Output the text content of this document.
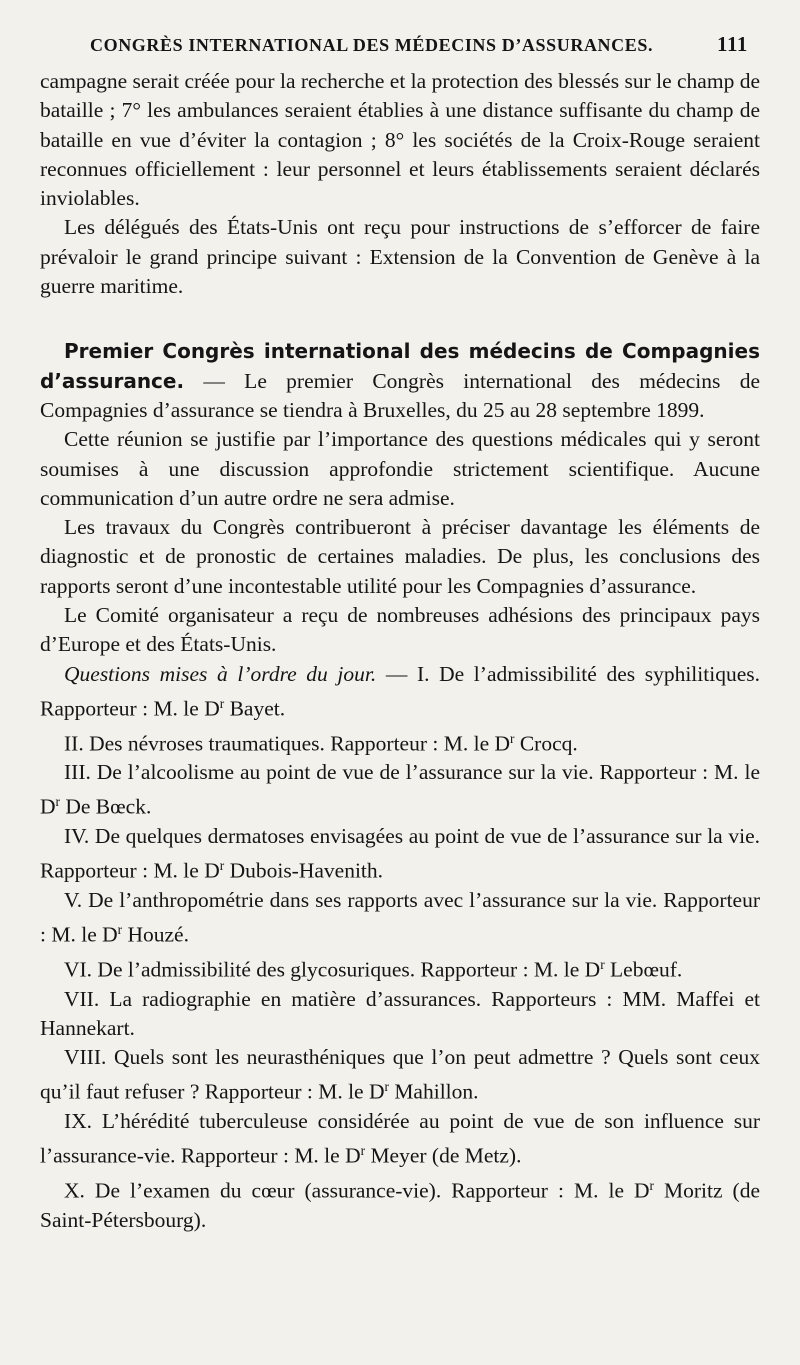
CONGRÈS INTERNATIONAL DES MÉDECINS D’ASSURANCES.	111

campagne serait créée pour la recherche et la protection des blessés sur le champ de bataille ; 7° les ambulances seraient établies à une distance suffisante du champ de bataille en vue d’éviter la contagion ; 8° les sociétés de la Croix-Rouge seraient reconnues officiellement : leur personnel et leurs établissements seraient déclarés inviolables.

Les délégués des États-Unis ont reçu pour instructions de s’efforcer de faire prévaloir le grand principe suivant : Extension de la Convention de Genève à la guerre maritime.

Premier Congrès international des médecins de Compagnies d’assurance. — Le premier Congrès international des médecins de Compagnies d’assurance se tiendra à Bruxelles, du 25 au 28 septembre 1899.

Cette réunion se justifie par l’importance des questions médicales qui y seront soumises à une discussion approfondie strictement scientifique. Aucune communication d’un autre ordre ne sera admise.

Les travaux du Congrès contribueront à préciser davantage les éléments de diagnostic et de pronostic de certaines maladies. De plus, les conclusions des rapports seront d’une incontestable utilité pour les Compagnies d’assurance.

Le Comité organisateur a reçu de nombreuses adhésions des principaux pays d’Europe et des États-Unis.

Questions mises à l’ordre du jour. — I. De l’admissibilité des syphilitiques. Rapporteur : M. le $D^r$ Bayet.

II. Des névroses traumatiques. Rapporteur : M. le $D^r$ Crocq.

III. De l’alcoolisme au point de vue de l’assurance sur la vie. Rapporteur : M. le $D^r$ De Bœck.

IV. De quelques dermatoses envisagées au point de vue de l’assurance sur la vie. Rapporteur : M. le $D^r$ Dubois-Havenith.

V. De l’anthropométrie dans ses rapports avec l’assurance sur la vie. Rapporteur : M. le $D^r$ Houzé.

VI. De l’admissibilité des glycosuriques. Rapporteur : M. le $D^r$ Lebœuf.

VII. La radiographie en matière d’assurances. Rapporteurs : MM. Maffei et Hannekart.

VIII. Quels sont les neurasthéniques que l’on peut admettre ? Quels sont ceux qu’il faut refuser ? Rapporteur : M. le $D^r$ Mahillon.

IX. L’hérédité tuberculeuse considérée au point de vue de son influence sur l’assurance-vie. Rapporteur : M. le $D^r$ Meyer (de Metz).

X. De l’examen du cœur (assurance-vie). Rapporteur : M. le $D^r$ Moritz (de Saint-Pétersbourg).
